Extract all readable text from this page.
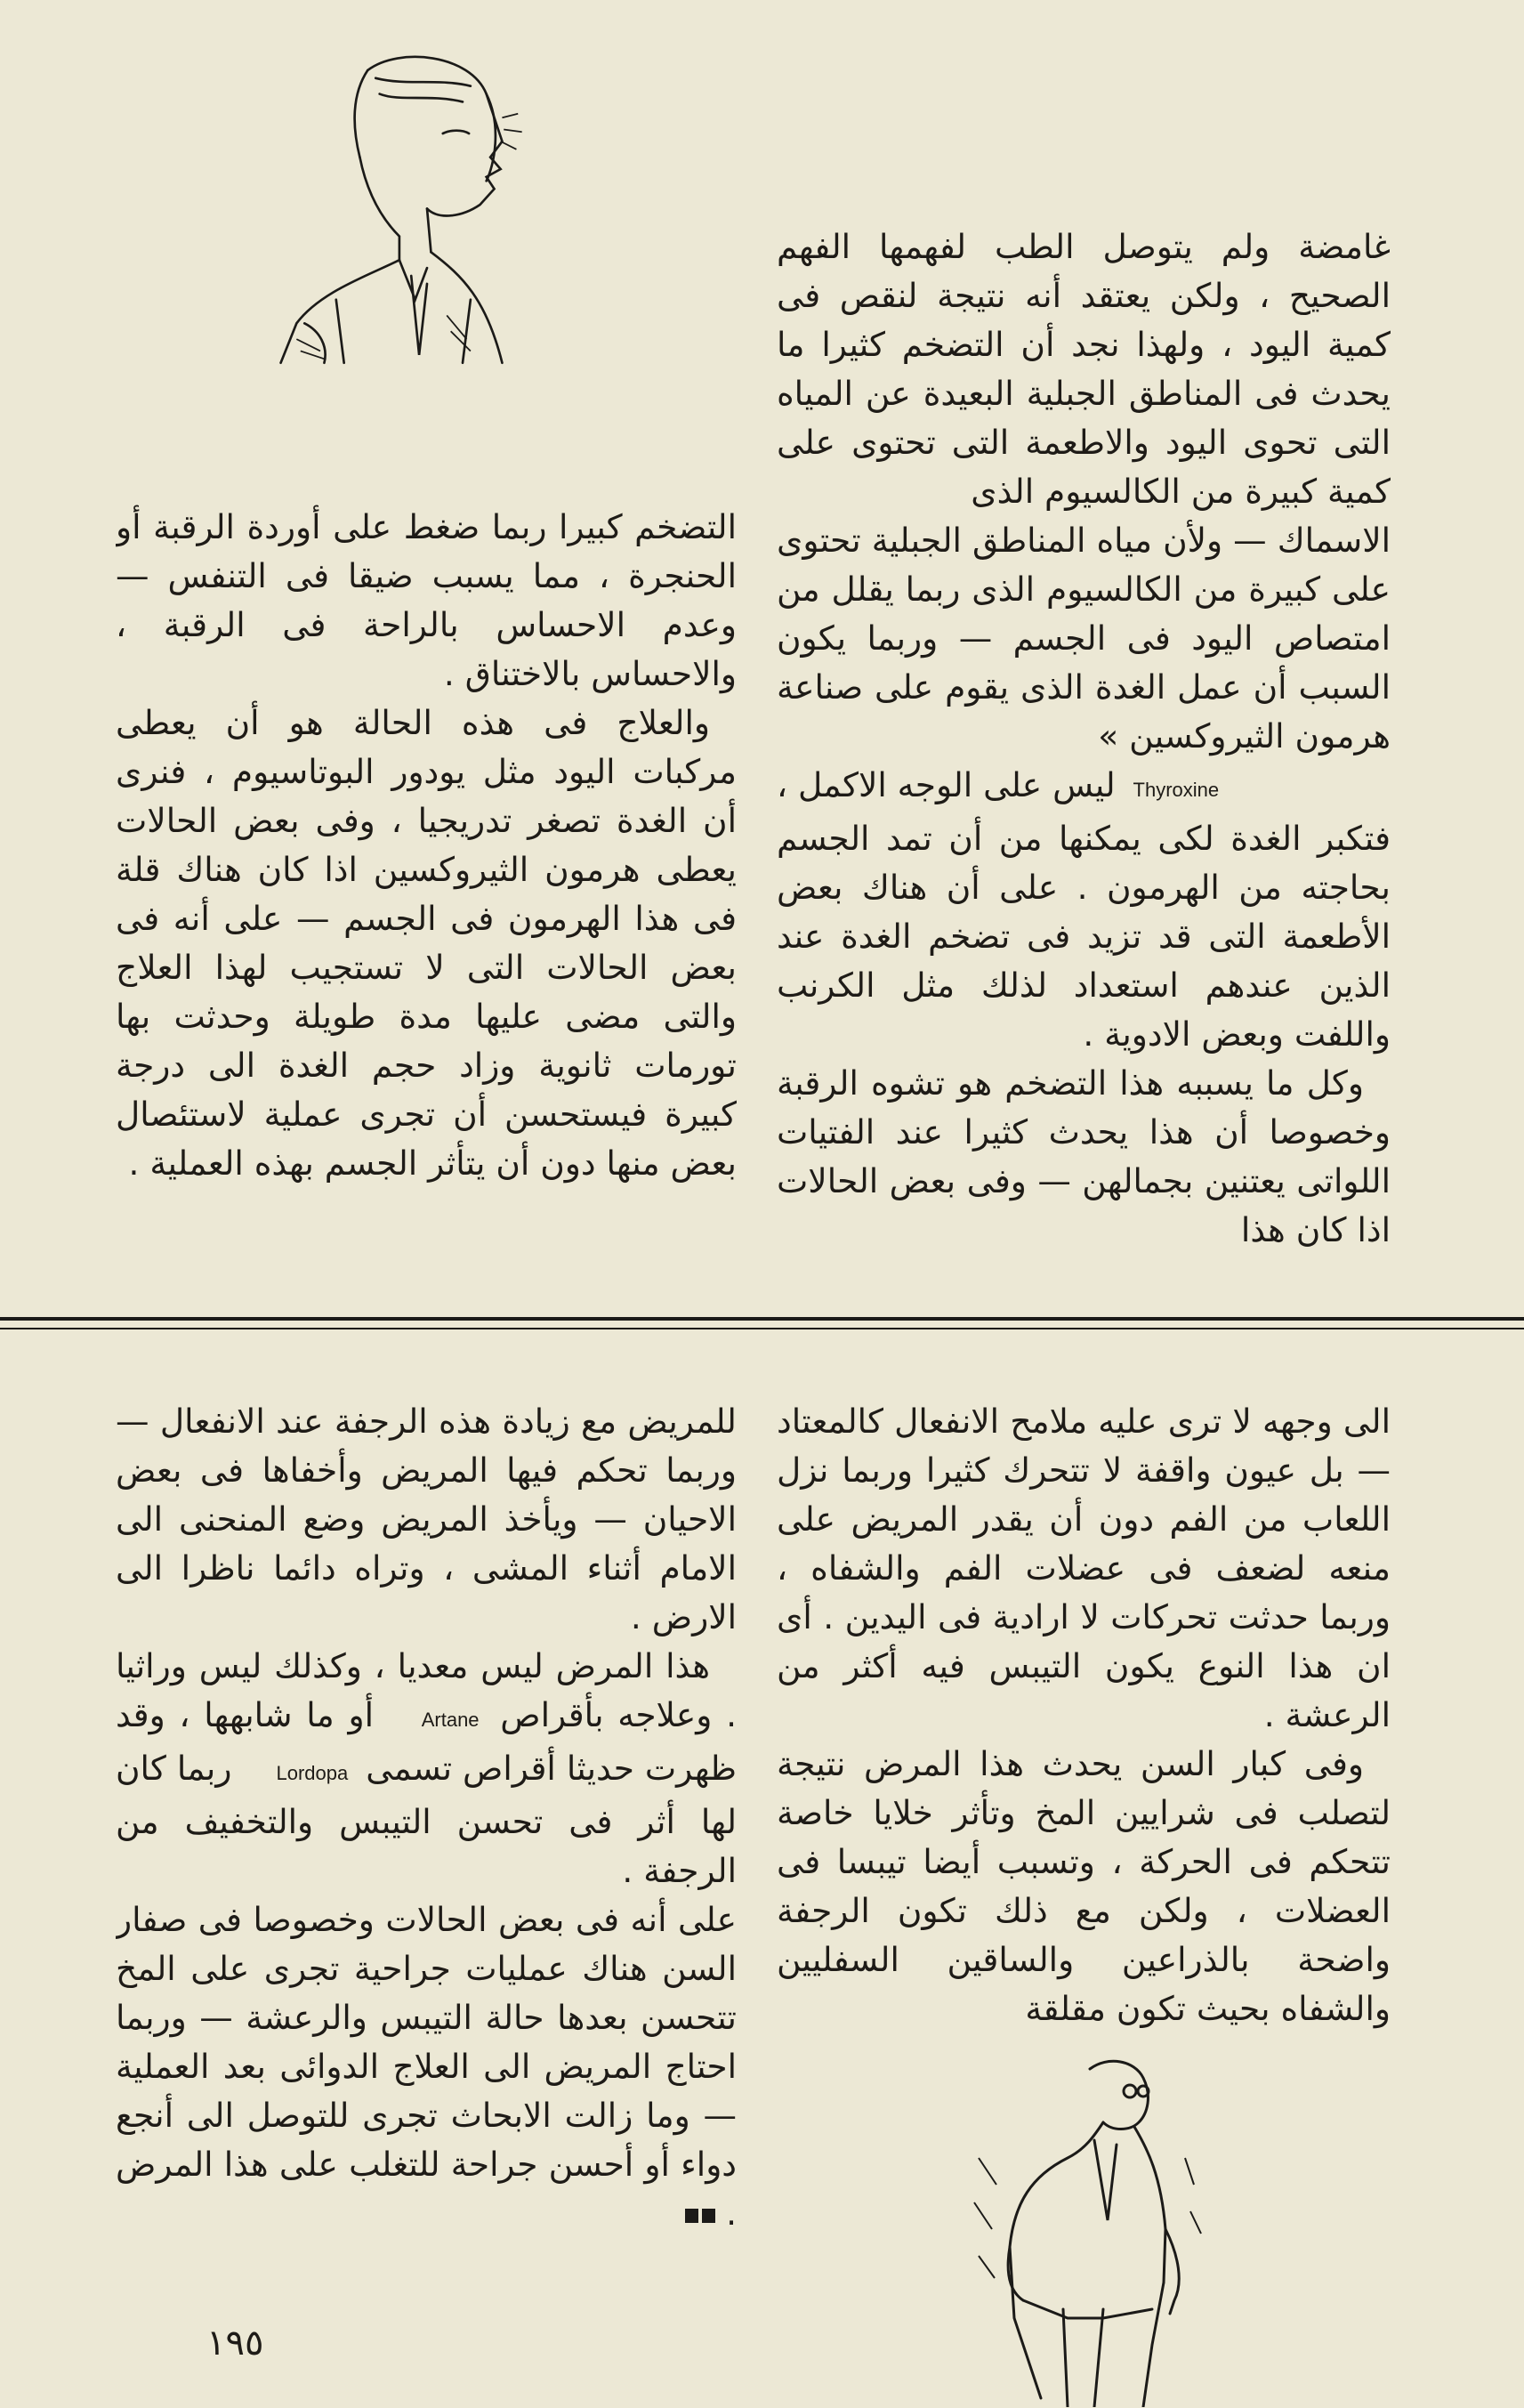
غامضة ولم يتوصل الطب لفهمها الفهم الصحيح ، ولكن يعتقد أنه نتيجة لنقص فى كمية اليود ، ولهذا نجد أن التضخم كثيرا ما يحدث فى المناطق الجبلية البعيدة عن المياه التى تحوى اليود والاطعمة التى تحتوى على كمية كبيرة من الكالسيوم الذى

الاسماك — ولأن مياه المناطق الجبلية تحتوى على كبيرة من الكالسيوم الذى ربما يقلل من امتصاص اليود فى الجسم — وربما يكون السبب أن عمل الغدة الذى يقوم على صناعة هرمون الثيروكسين »

Thyroxine ليس على الوجه الاكمل ،

فتكبر الغدة لكى يمكنها من أن تمد الجسم بحاجته من الهرمون . على أن هناك بعض الأطعمة التى قد تزيد فى تضخم الغدة عند الذين عندهم استعداد لذلك مثل الكرنب واللفت وبعض الادوية .

وكل ما يسببه هذا التضخم هو تشوه الرقبة وخصوصا أن هذا يحدث كثيرا عند الفتيات اللواتى يعتنين بجمالهن — وفى بعض الحالات اذا كان هذا

التضخم كبيرا ربما ضغط على أوردة الرقبة أو الحنجرة ، مما يسبب ضيقا فى التنفس — وعدم الاحساس بالراحة فى الرقبة ، والاحساس بالاختناق .

والعلاج فى هذه الحالة هو أن يعطى مركبات اليود مثل يودور البوتاسيوم ، فنرى أن الغدة تصغر تدريجيا ، وفى بعض الحالات يعطى هرمون الثيروكسين اذا كان هناك قلة فى هذا الهرمون فى الجسم — على أنه فى بعض الحالات التى لا تستجيب لهذا العلاج والتى مضى عليها مدة طويلة وحدثت بها تورمات ثانوية وزاد حجم الغدة الى درجة كبيرة فيستحسن أن تجرى عملية لاستئصال بعض منها دون أن يتأثر الجسم بهذه العملية .

الى وجهه لا ترى عليه ملامح الانفعال كالمعتاد — بل عيون واقفة لا تتحرك كثيرا وربما نزل اللعاب من الفم دون أن يقدر المريض على منعه لضعف فى عضلات الفم والشفاه ، وربما حدثت تحركات لا ارادية فى اليدين . أى ان هذا النوع يكون التيبس فيه أكثر من الرعشة .

وفى كبار السن يحدث هذا المرض نتيجة لتصلب فى شرايين المخ وتأثر خلايا خاصة تتحكم فى الحركة ، وتسبب أيضا تيبسا فى العضلات ، ولكن مع ذلك تكون الرجفة واضحة بالذراعين والساقين السفليين والشفاه بحيث تكون مقلقة

للمريض مع زيادة هذه الرجفة عند الانفعال — وربما تحكم فيها المريض وأخفاها فى بعض الاحيان — ويأخذ المريض وضع المنحنى الى الامام أثناء المشى ، وتراه دائما ناظرا الى الارض .

هذا المرض ليس معديا ، وكذلك ليس وراثيا . وعلاجه بأقراص Artane أو ما شابهها ، وقد ظهرت حديثا أقراص تسمى Lordopa ربما كان لها أثر فى تحسن التيبس والتخفيف من الرجفة .

على أنه فى بعض الحالات وخصوصا فى صفار السن هناك عمليات جراحية تجرى على المخ تتحسن بعدها حالة التيبس والرعشة — وربما احتاج المريض الى العلاج الدوائى بعد العملية — وما زالت الابحاث تجرى للتوصل الى أنجع دواء أو أحسن جراحة للتغلب على هذا المرض .

١٩٥
